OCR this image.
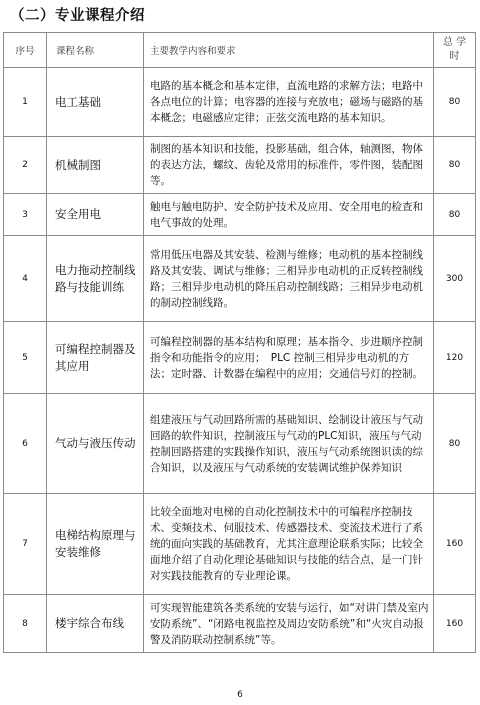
（二）专业课程介绍
序号	课程名称	主要教学内容和要求	总 学
时

1	电工基础	电路的基本概念和基本定律，直流电路的求解方法；电路中各点电位的计算；电容器的连接与充放电；磁场与磁路的基本概念；电磁感应定律；正弦交流电路的基本知识。	80
2	机械制图	制图的基本知识和技能，投影基础，组合体，轴测图，物体的表达方法，螺纹、齿轮及常用的标准件，零件图，装配图等。	80
3	安全用电	触电与触电防护、安全防护技术及应用、安全用电的检查和电气事故的处理。	80
4	电力拖动控制线路与技能训练	常用低压电器及其安装、检测与维修；电动机的基本控制线路及其安装、调试与维修；三相异步电动机的正反转控制线路；三相异步电动机的降压启动控制线路；三相异步电动机的制动控制线路。	300
5	可编程控制器及其应用	可编程控制器的基本结构和原理；基本指令、步进顺序控制指令和功能指令的应用；　PLC 控制三相异步电动机的方法；定时器、计数器在编程中的应用；交通信号灯的控制。	120
6	气动与液压传动	组建液压与气动回路所需的基础知识、绘制设计液压与气动回路的软件知识，控制液压与气动的PLC知识，液压与气动控制回路搭建的实践操作知识，液压与气动系统图识读的综合知识，以及液压与气动系统的安装调试维护保养知识	80
7	电梯结构原理与安装维修	比较全面地对电梯的自动化控制技术中的可编程序控制技术、变频技术、伺服技术、传感器技术、变流技术进行了系统的面向实践的基础教育，尤其注意理论联系实际；比较全面地介绍了自动化理论基础知识与技能的结合点，是一门针对实践技能教育的专业理论课。	160
8	楼宇综合布线	可实现智能建筑各类系统的安装与运行，如“对讲门禁及室内安防系统”、“闭路电视监控及周边安防系统”和“火灾自动报警及消防联动控制系统”等。	160
6
